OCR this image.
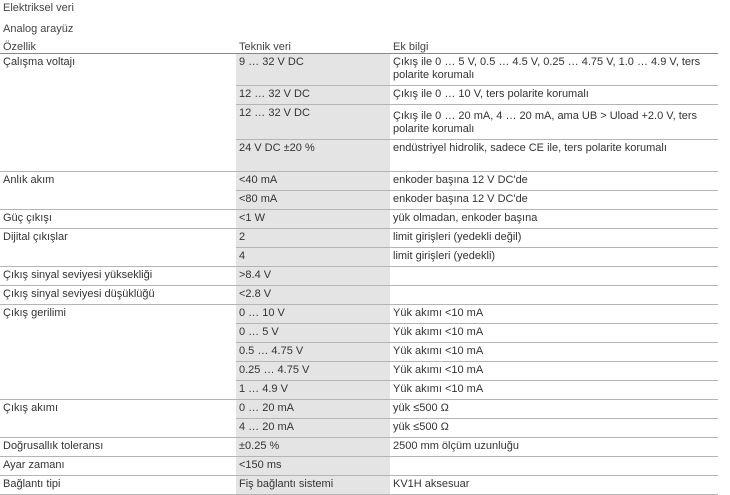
Elektriksel veri
Analog arayüz
Özellik	Teknik veri	Ek bilgi
Çalışma voltajı	9 … 32 V DC	Çıkış ile 0 … 5 V, 0.5 … 4.5 V, 0.25 … 4.75 V, 1.0 … 4.9 V, ters polarite korumalı
	12 … 32 V DC	Çıkış ile 0 … 10 V, ters polarite korumalı
	12 … 32 V DC	Çıkış ile 0 … 20 mA, 4 … 20 mA, ama UB > Uload +2.0 V, ters polarite korumalı
	24 V DC ±20 %	endüstriyel hidrolik, sadece CE ile, ters polarite korumalı
Anlık akım	<40 mA	enkoder başına 12 V DC'de
	<80 mA	enkoder başına 12 V DC'de
Güç çıkışı	<1 W	yük olmadan, enkoder başına
Dijital çıkışlar	2	limit girişleri (yedekli değil)
	4	limit girişleri (yedekli)
Çıkış sinyal seviyesi yüksekliği	>8.4 V	
Çıkış sinyal seviyesi düşüklüğü	<2.8 V	
Çıkış gerilimi	0 … 10 V	Yük akımı <10 mA
	0 … 5 V	Yük akımı <10 mA
	0.5 … 4.75 V	Yük akımı <10 mA
	0.25 … 4.75 V	Yük akımı <10 mA
	1 … 4.9 V	Yük akımı <10 mA
Çıkış akımı	0 … 20 mA	yük ≤500 Ω
	4 … 20 mA	yük ≤500 Ω
Doğrusallık toleransı	±0.25 %	2500 mm ölçüm uzunluğu
Ayar zamanı	<150 ms	
Bağlantı tipi	Fiş bağlantı sistemi	KV1H aksesuar
